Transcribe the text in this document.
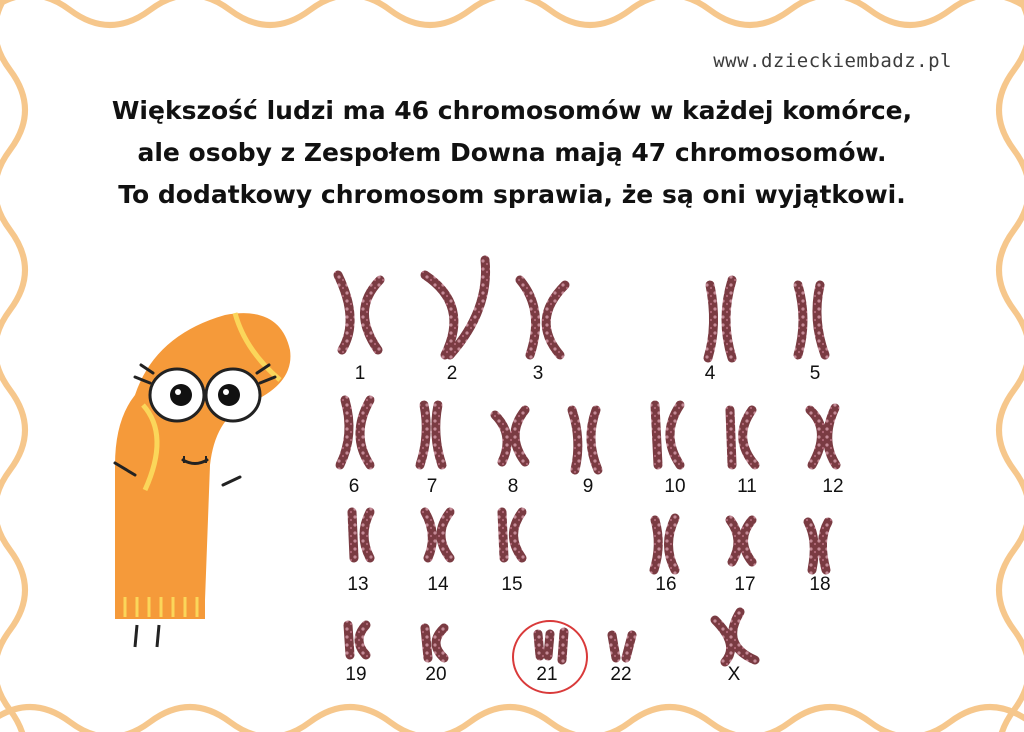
www.dzieckiembadz.pl
Większość ludzi ma 46 chromosomów w każdej komórce,
ale osoby z Zespołem Downa mają 47 chromosomów.
To dodatkowy chromosom sprawia, że są oni wyjątkowi.
1	2	3	4	5
6	7	8	9	10	11	12
13	14	15	16	17	18
19	20	21	22	X
